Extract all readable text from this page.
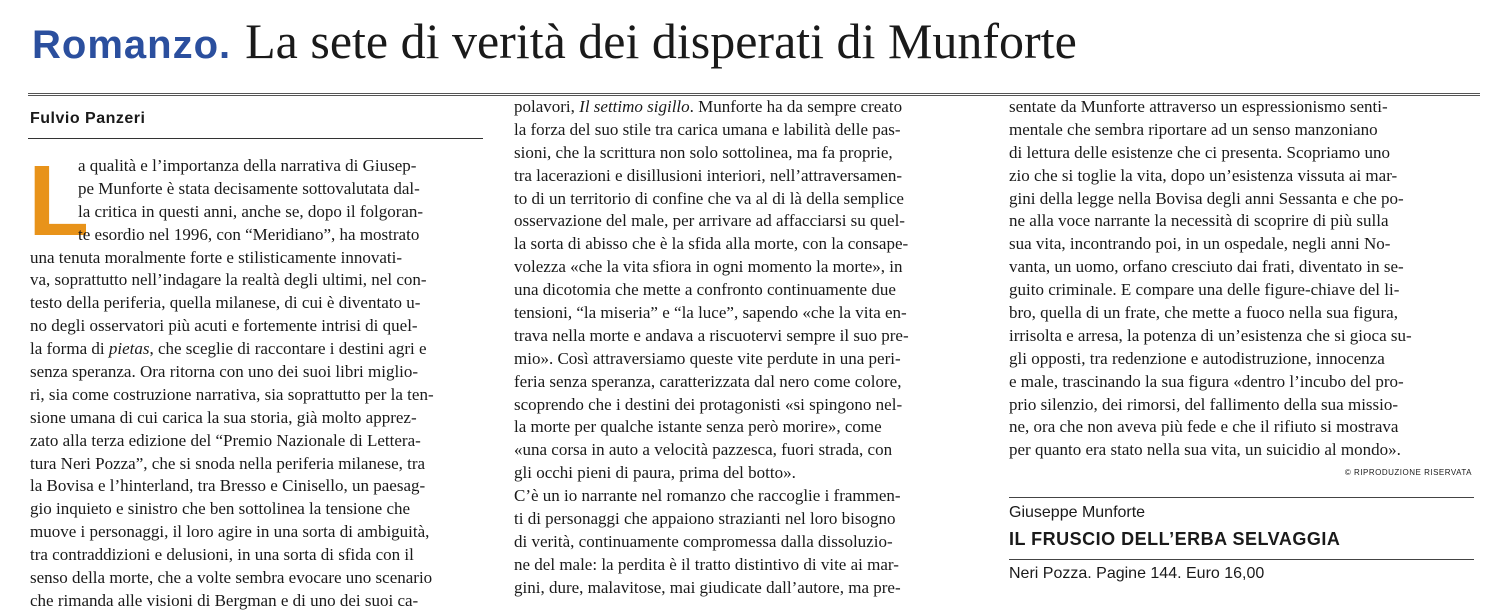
Romanzo. La sete di verità dei disperati di Munforte
Fulvio Panzeri
L
a qualità e l’importanza della narrativa di Giusep-
pe Munforte è stata decisamente sottovalutata dal-
la critica in questi anni, anche se, dopo il folgoran-
te esordio nel 1996, con “Meridiano”, ha mostrato
una tenuta moralmente forte e stilisticamente innovati-
va, soprattutto nell’indagare la realtà degli ultimi, nel con-
testo della periferia, quella milanese, di cui è diventato u-
no degli osservatori più acuti e fortemente intrisi di quel-
la forma di pietas, che sceglie di raccontare i destini agri e
senza speranza. Ora ritorna con uno dei suoi libri miglio-
ri, sia come costruzione narrativa, sia soprattutto per la ten-
sione umana di cui carica la sua storia, già molto apprez-
zato alla terza edizione del “Premio Nazionale di Lettera-
tura Neri Pozza”, che si snoda nella periferia milanese, tra
la Bovisa e l’hinterland, tra Bresso e Cinisello, un paesag-
gio inquieto e sinistro che ben sottolinea la tensione che
muove i personaggi, il loro agire in una sorta di ambiguità,
tra contraddizioni e delusioni, in una sorta di sfida con il
senso della morte, che a volte sembra evocare uno scenario
che rimanda alle visioni di Bergman e di uno dei suoi ca-
polavori, Il settimo sigillo. Munforte ha da sempre creato
la forza del suo stile tra carica umana e labilità delle pas-
sioni, che la scrittura non solo sottolinea, ma fa proprie,
tra lacerazioni e disillusioni interiori, nell’attraversamen-
to di un territorio di confine che va al di là della semplice
osservazione del male, per arrivare ad affacciarsi su quel-
la sorta di abisso che è la sfida alla morte, con la consape-
volezza «che la vita sfiora in ogni momento la morte», in
una dicotomia che mette a confronto continuamente due
tensioni, “la miseria” e “la luce”, sapendo «che la vita en-
trava nella morte e andava a riscuotervi sempre il suo pre-
mio». Così attraversiamo queste vite perdute in una peri-
feria senza speranza, caratterizzata dal nero come colore,
scoprendo che i destini dei protagonisti «si spingono nel-
la morte per qualche istante senza però morire», come
«una corsa in auto a velocità pazzesca, fuori strada, con
gli occhi pieni di paura, prima del botto».
C’è un io narrante nel romanzo che raccoglie i frammen-
ti di personaggi che appaiono strazianti nel loro bisogno
di verità, continuamente compromessa dalla dissoluzio-
ne del male: la perdita è il tratto distintivo di vite ai mar-
gini, dure, malavitose, mai giudicate dall’autore, ma pre-
sentate da Munforte attraverso un espressionismo senti-
mentale che sembra riportare ad un senso manzoniano
di lettura delle esistenze che ci presenta. Scopriamo uno
zio che si toglie la vita, dopo un’esistenza vissuta ai mar-
gini della legge nella Bovisa degli anni Sessanta e che po-
ne alla voce narrante la necessità di scoprire di più sulla
sua vita, incontrando poi, in un ospedale, negli anni No-
vanta, un uomo, orfano cresciuto dai frati, diventato in se-
guito criminale. E compare una delle figure-chiave del li-
bro, quella di un frate, che mette a fuoco nella sua figura,
irrisolta e arresa, la potenza di un’esistenza che si gioca su-
gli opposti, tra redenzione e autodistruzione, innocenza
e male, trascinando la sua figura «dentro l’incubo del pro-
prio silenzio, dei rimorsi, del fallimento della sua missio-
ne, ora che non aveva più fede e che il rifiuto si mostrava
per quanto era stato nella sua vita, un suicidio al mondo».
© RIPRODUZIONE RISERVATA
Giuseppe Munforte
IL FRUSCIO DELL’ERBA SELVAGGIA
Neri Pozza. Pagine 144. Euro 16,00
